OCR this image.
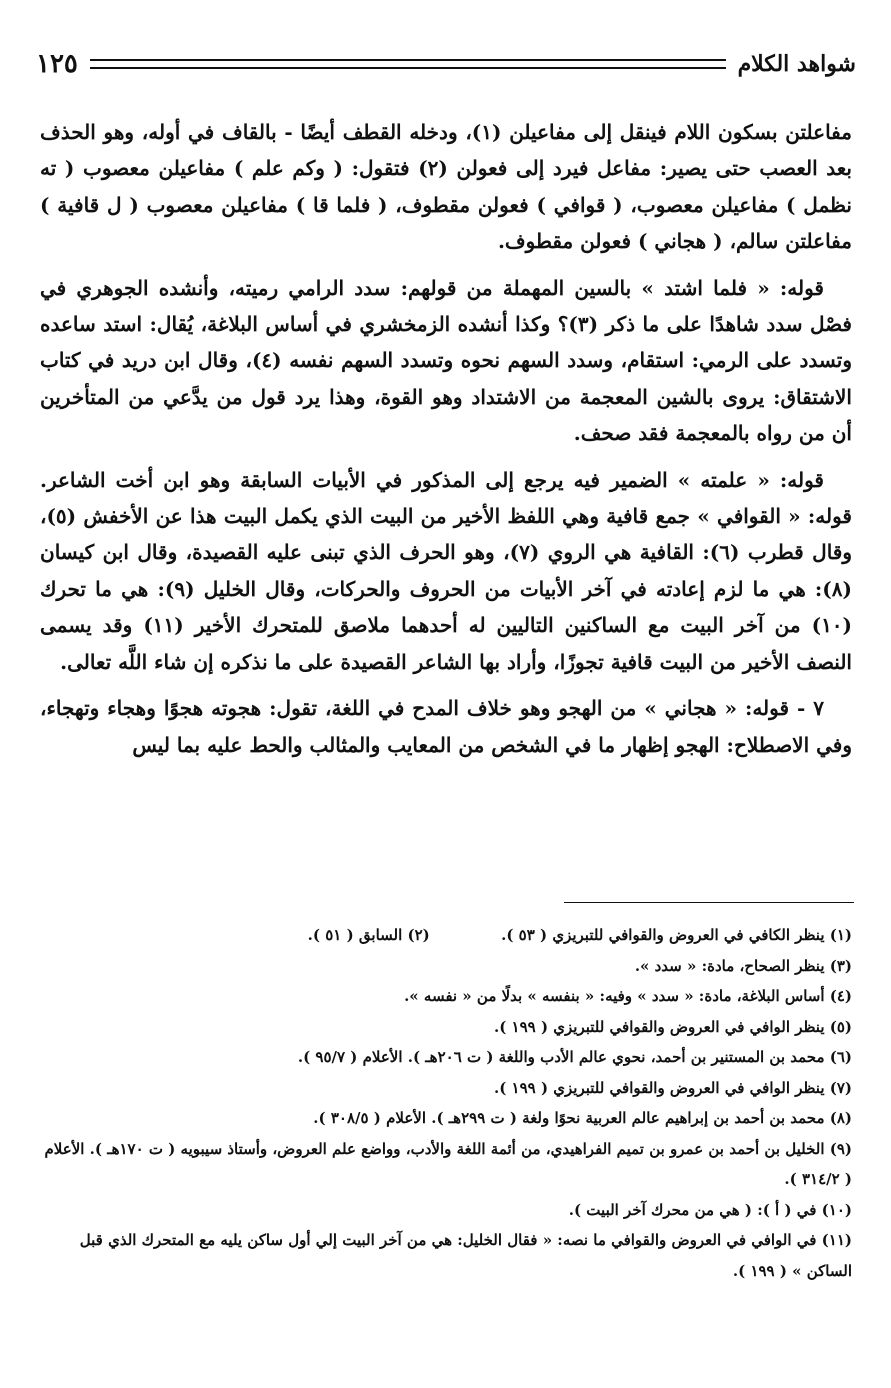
شواهد الكلام
١٢٥

مفاعلتن بسكون اللام فينقل إلى مفاعيلن (١)، ودخله القطف أيضًا - بالقاف في أوله، وهو الحذف بعد العصب حتى يصير: مفاعل فيرد إلى فعولن (٢) فتقول: ( وكم علم ) مفاعيلن معصوب ( ته نظمل ) مفاعيلن معصوب، ( قوافي ) فعولن مقطوف، ( فلما قا ) مفاعيلن معصوب ( ل قافية ) مفاعلتن سالم، ( هجاني ) فعولن مقطوف.

قوله: « فلما اشتد » بالسين المهملة من قولهم: سدد الرامي رميته، وأنشده الجوهري في فصْل سدد شاهدًا على ما ذكر (٣)؟ وكذا أنشده الزمخشري في أساس البلاغة، يُقال: استد ساعده وتسدد على الرمي: استقام، وسدد السهم نحوه وتسدد السهم نفسه (٤)، وقال ابن دريد في كتاب الاشتقاق: يروى بالشين المعجمة من الاشتداد وهو القوة، وهذا يرد قول من يدَّعي من المتأخرين أن من رواه بالمعجمة فقد صحف.

قوله: « علمته » الضمير فيه يرجع إلى المذكور في الأبيات السابقة وهو ابن أخت الشاعر. قوله: « القوافي » جمع قافية وهي اللفظ الأخير من البيت الذي يكمل البيت هذا عن الأخفش (٥)، وقال قطرب (٦): القافية هي الروي (٧)، وهو الحرف الذي تبنى عليه القصيدة، وقال ابن كيسان (٨): هي ما لزم إعادته في آخر الأبيات من الحروف والحركات، وقال الخليل (٩): هي ما تحرك (١٠) من آخر البيت مع الساكنين التاليين له أحدهما ملاصق للمتحرك الأخير (١١) وقد يسمى النصف الأخير من البيت قافية تجوزًا، وأراد بها الشاعر القصيدة على ما نذكره إن شاء اللَّه تعالى.

٧ - قوله: « هجاني » من الهجو وهو خلاف المدح في اللغة، تقول: هجوته هجوًا وهجاء وتهجاء، وفي الاصطلاح: الهجو إظهار ما في الشخص من المعايب والمثالب والحط عليه بما ليس

(١) ينظر الكافي في العروض والقوافي للتبريزي ( ٥٣ ).

(٢) السابق ( ٥١ ).

(٣) ينظر الصحاح، مادة: « سدد ».

(٤) أساس البلاغة، مادة: « سدد » وفيه: « بنفسه » بدلًا من « نفسه ».

(٥) ينظر الوافي في العروض والقوافي للتبريزي ( ١٩٩ ).

(٦) محمد بن المستنير بن أحمد، نحوي عالم الأدب واللغة ( ت ٢٠٦هـ ). الأعلام ( ٩٥/٧ ).

(٧) ينظر الوافي في العروض والقوافي للتبريزي ( ١٩٩ ).

(٨) محمد بن أحمد بن إبراهيم عالم العربية نحوًا ولغة ( ت ٢٩٩هـ ). الأعلام ( ٣٠٨/٥ ).

(٩) الخليل بن أحمد بن عمرو بن تميم الفراهيدي، من أئمة اللغة والأدب، وواضع علم العروض، وأستاذ سيبويه ( ت ١٧٠هـ ). الأعلام ( ٣١٤/٢ ).

(١٠) في ( أ ): ( هي من محرك آخر البيت ).

(١١) في الوافي في العروض والقوافي ما نصه: « فقال الخليل: هي من آخر البيت إلي أول ساكن يليه مع المتحرك الذي قبل الساكن » ( ١٩٩ ).
